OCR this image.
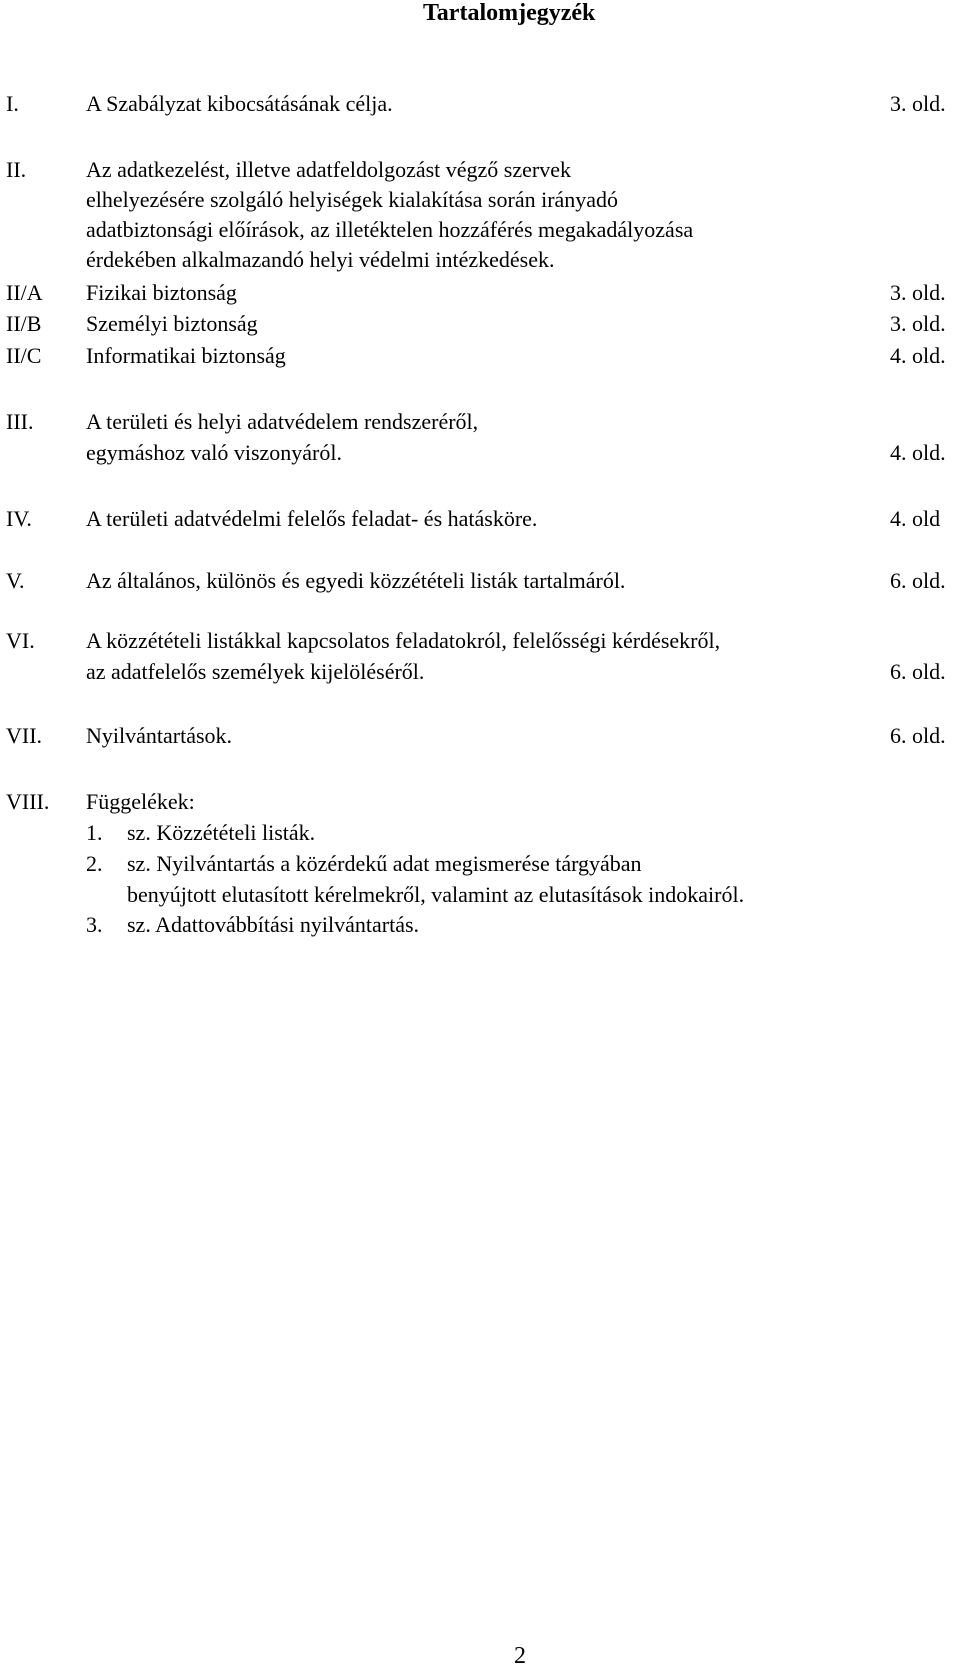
Tartalomjegyzék
I.	A Szabályzat kibocsátásának célja.	3. old.
II.	Az adatkezelést, illetve adatfeldolgozást végző szervek
elhelyezésére szolgáló helyiségek kialakítása során irányadó
adatbiztonsági előírások, az illetéktelen hozzáférés megakadályozása
érdekében alkalmazandó helyi védelmi intézkedések.
II/A Fizikai biztonság	3. old.
II/B Személyi biztonság	3. old.
II/C Informatikai biztonság	4. old.
III. A területi és helyi adatvédelem rendszeréről,
egymáshoz való viszonyáról.	4. old.
IV. A területi adatvédelmi felelős feladat- és hatásköre.	4. old
V.	Az általános, különös és egyedi közzétételi listák tartalmáról.	6. old.
VI. A közzétételi listákkal kapcsolatos feladatokról, felelősségi kérdésekről,
az adatfelelős személyek kijelöléséről.	6. old.
VII. Nyilvántartások.	6. old.
VIII. Függelékek:
1. sz. Közzétételi listák.
2. sz. Nyilvántartás a közérdekű adat megismerése tárgyában
benyújtott elutasított kérelmekről, valamint az elutasítások indokairól.
3. sz. Adattovábbítási nyilvántartás.
2
